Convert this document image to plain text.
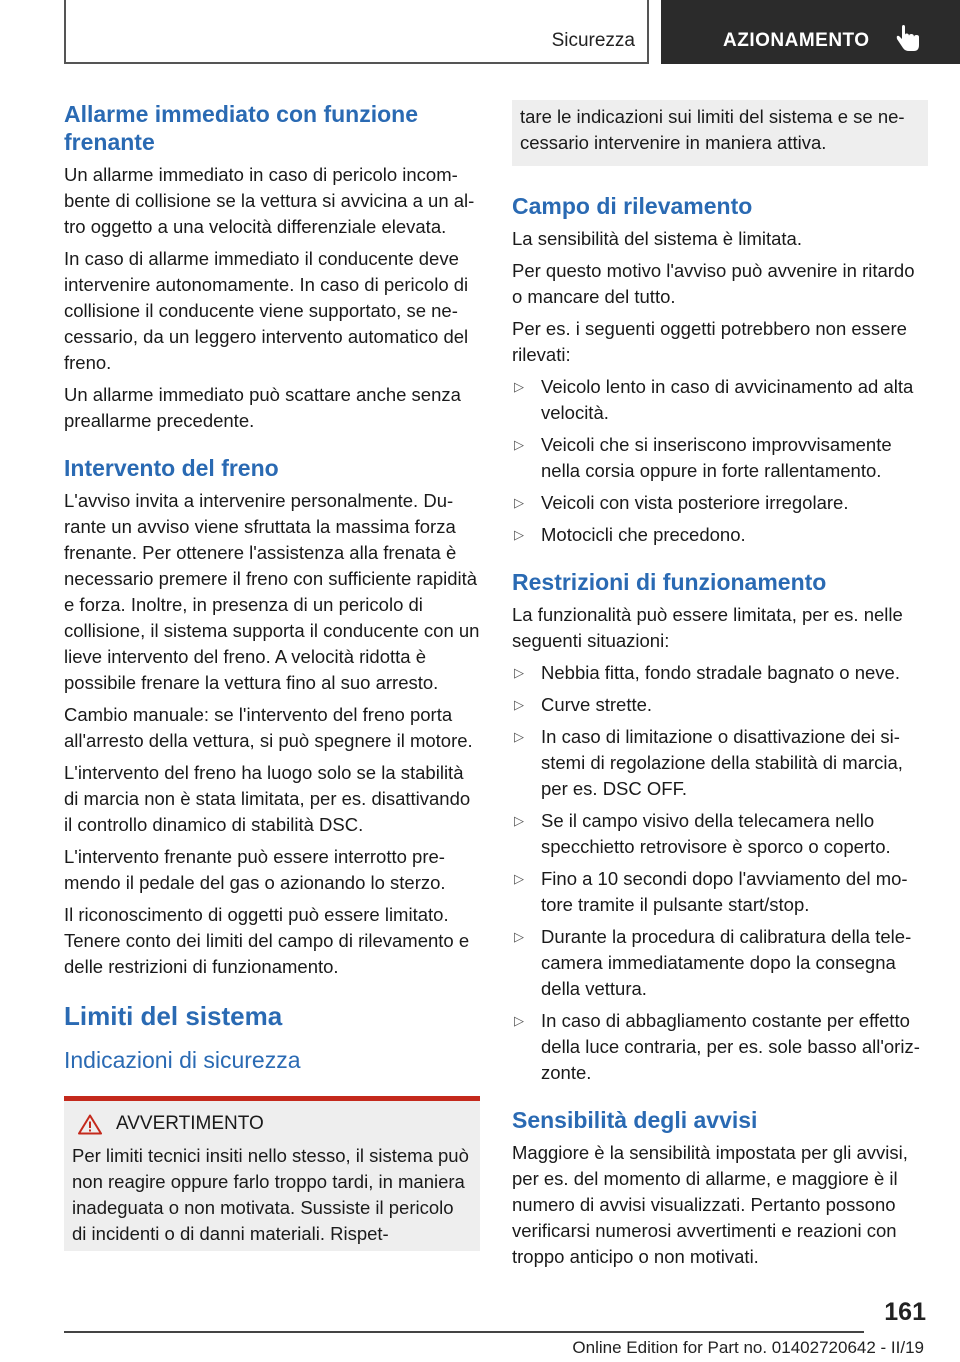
Sicurezza	AZIONAMENTO
Allarme immediato con funzione frenante

Un allarme immediato in caso di pericolo incombente di collisione se la vettura si avvicina a un altro oggetto a una velocità differenziale elevata.

In caso di allarme immediato il conducente deve intervenire autonomamente. In caso di pericolo di collisione il conducente viene supportato, se necessario, da un leggero intervento automatico del freno.

Un allarme immediato può scattare anche senza preallarme precedente.

Intervento del freno

L'avviso invita a intervenire personalmente. Durante un avviso viene sfruttata la massima forza frenante. Per ottenere l'assistenza alla frenata è necessario premere il freno con sufficiente rapidità e forza. Inoltre, in presenza di un pericolo di collisione, il sistema supporta il conducente con un lieve intervento del freno. A velocità ridotta è possibile frenare la vettura fino al suo arresto.

Cambio manuale: se l'intervento del freno porta all'arresto della vettura, si può spegnere il motore.

L'intervento del freno ha luogo solo se la stabilità di marcia non è stata limitata, per es. disattivando il controllo dinamico di stabilità DSC.

L'intervento frenante può essere interrotto premendo il pedale del gas o azionando lo sterzo.

Il riconoscimento di oggetti può essere limitato. Tenere conto dei limiti del campo di rilevamento e delle restrizioni di funzionamento.

Limiti del sistema
Indicazioni di sicurezza
AVVERTIMENTO

Per limiti tecnici insiti nello stesso, il sistema può non reagire oppure farlo troppo tardi, in maniera inadeguata o non motivata. Sussiste il pericolo di incidenti o di danni materiali. Rispet-

tare le indicazioni sui limiti del sistema e se necessario intervenire in maniera attiva.

Campo di rilevamento

La sensibilità del sistema è limitata.

Per questo motivo l'avviso può avvenire in ritardo o mancare del tutto.

Per es. i seguenti oggetti potrebbero non essere rilevati:

▷ Veicolo lento in caso di avvicinamento ad alta velocità.
▷ Veicoli che si inseriscono improvvisamente nella corsia oppure in forte rallentamento.
▷ Veicoli con vista posteriore irregolare.
▷ Motocicli che precedono.
Restrizioni di funzionamento

La funzionalità può essere limitata, per es. nelle seguenti situazioni:

▷ Nebbia fitta, fondo stradale bagnato o neve.
▷ Curve strette.
▷ In caso di limitazione o disattivazione dei sistemi di regolazione della stabilità di marcia, per es. DSC OFF.
▷ Se il campo visivo della telecamera nello specchietto retrovisore è sporco o coperto.
▷ Fino a 10 secondi dopo l'avviamento del motore tramite il pulsante start/stop.
▷ Durante la procedura di calibratura della telecamera immediatamente dopo la consegna della vettura.
▷ In caso di abbagliamento costante per effetto della luce contraria, per es. sole basso all'orizzonte.
Sensibilità degli avvisi

Maggiore è la sensibilità impostata per gli avvisi, per es. del momento di allarme, e maggiore è il numero di avvisi visualizzati. Pertanto possono verificarsi numerosi avvertimenti e reazioni con troppo anticipo o non motivati.

161
Online Edition for Part no. 01402720642 - II/19
